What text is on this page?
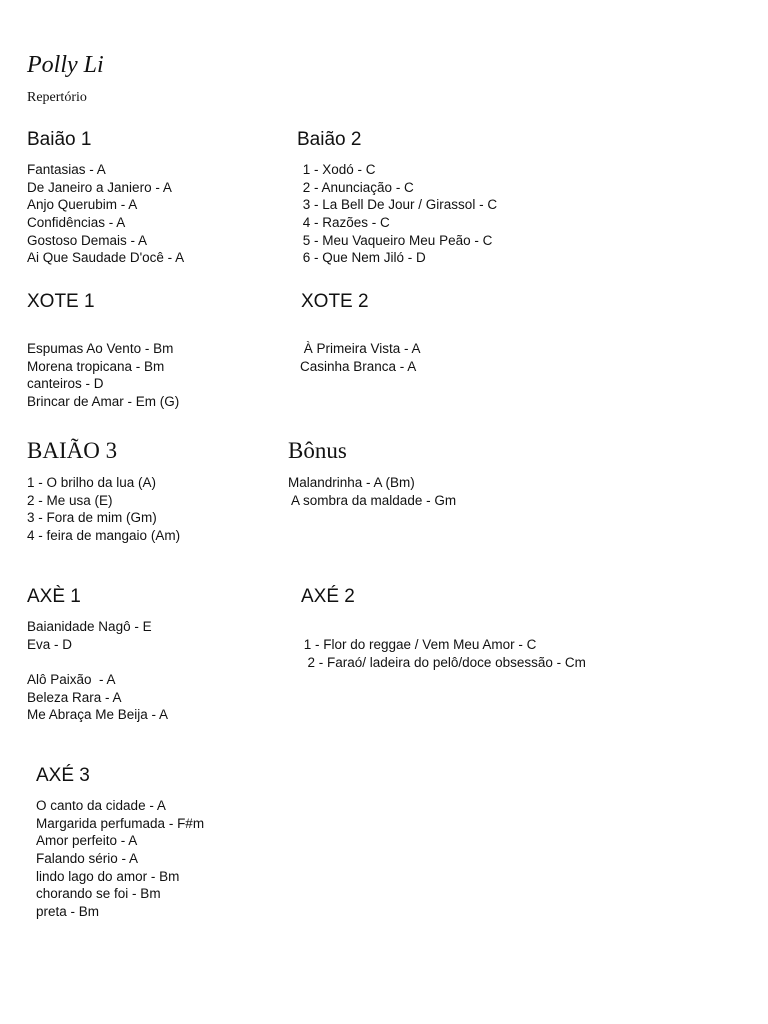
Polly Li
Repertório
Baião 1
Fantasias - A
De Janeiro a Janiero - A
Anjo Querubim - A
Confidências - A
Gostoso Demais - A
Ai Que Saudade D'ocê - A
Baião 2
1 - Xodó - C
2 - Anunciação - C
3 - La Bell De Jour / Girassol - C
4 - Razões - C
5 - Meu Vaqueiro Meu Peão - C
6 - Que Nem Jiló - D
XOTE 1
Espumas Ao Vento - Bm
Morena tropicana - Bm
canteiros - D
Brincar de Amar - Em (G)
XOTE 2
À Primeira Vista - A
Casinha Branca - A
BAIÃO 3
1 - O brilho da lua (A)
2 - Me usa (E)
3 - Fora de mim (Gm)
4 - feira de mangaio (Am)
Bônus
Malandrinha - A (Bm)
A sombra da maldade - Gm
AXÈ 1
Baianidade Nagô - E
Eva - D
Alô Paixão  - A
Beleza Rara - A
Me Abraça Me Beija - A
AXÉ 2
1 - Flor do reggae / Vem Meu Amor - C
2 - Faraó/ ladeira do pelô/doce obsessão - Cm
AXÉ 3
O canto da cidade - A
Margarida perfumada - F#m
Amor perfeito - A
Falando sério - A
lindo lago do amor - Bm
chorando se foi - Bm
preta - Bm
